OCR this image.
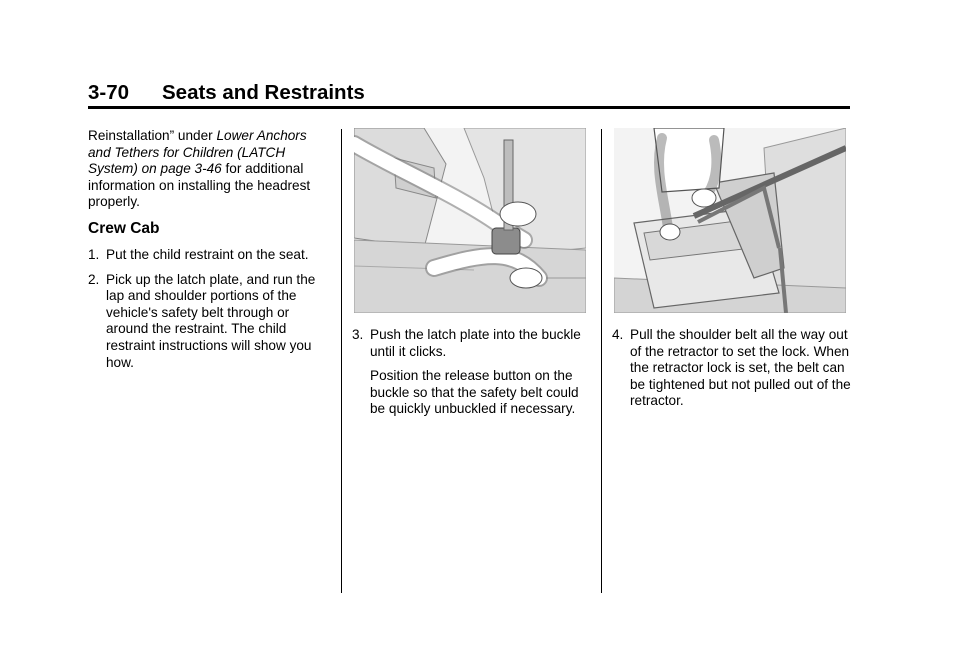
3-70 Seats and Restraints

Reinstallation” under Lower Anchors and Tethers for Children (LATCH System) on page 3-46 for additional information on installing the headrest properly.

Crew Cab
1. Put the child restraint on the seat.
2. Pick up the latch plate, and run the lap and shoulder portions of the vehicle's safety belt through or around the restraint. The child restraint instructions will show you how.
3. Push the latch plate into the buckle until it clicks.

Position the release button on the buckle so that the safety belt could be quickly unbuckled if necessary.

4. Pull the shoulder belt all the way out of the retractor to set the lock. When the retractor lock is set, the belt can be tightened but not pulled out of the retractor.
